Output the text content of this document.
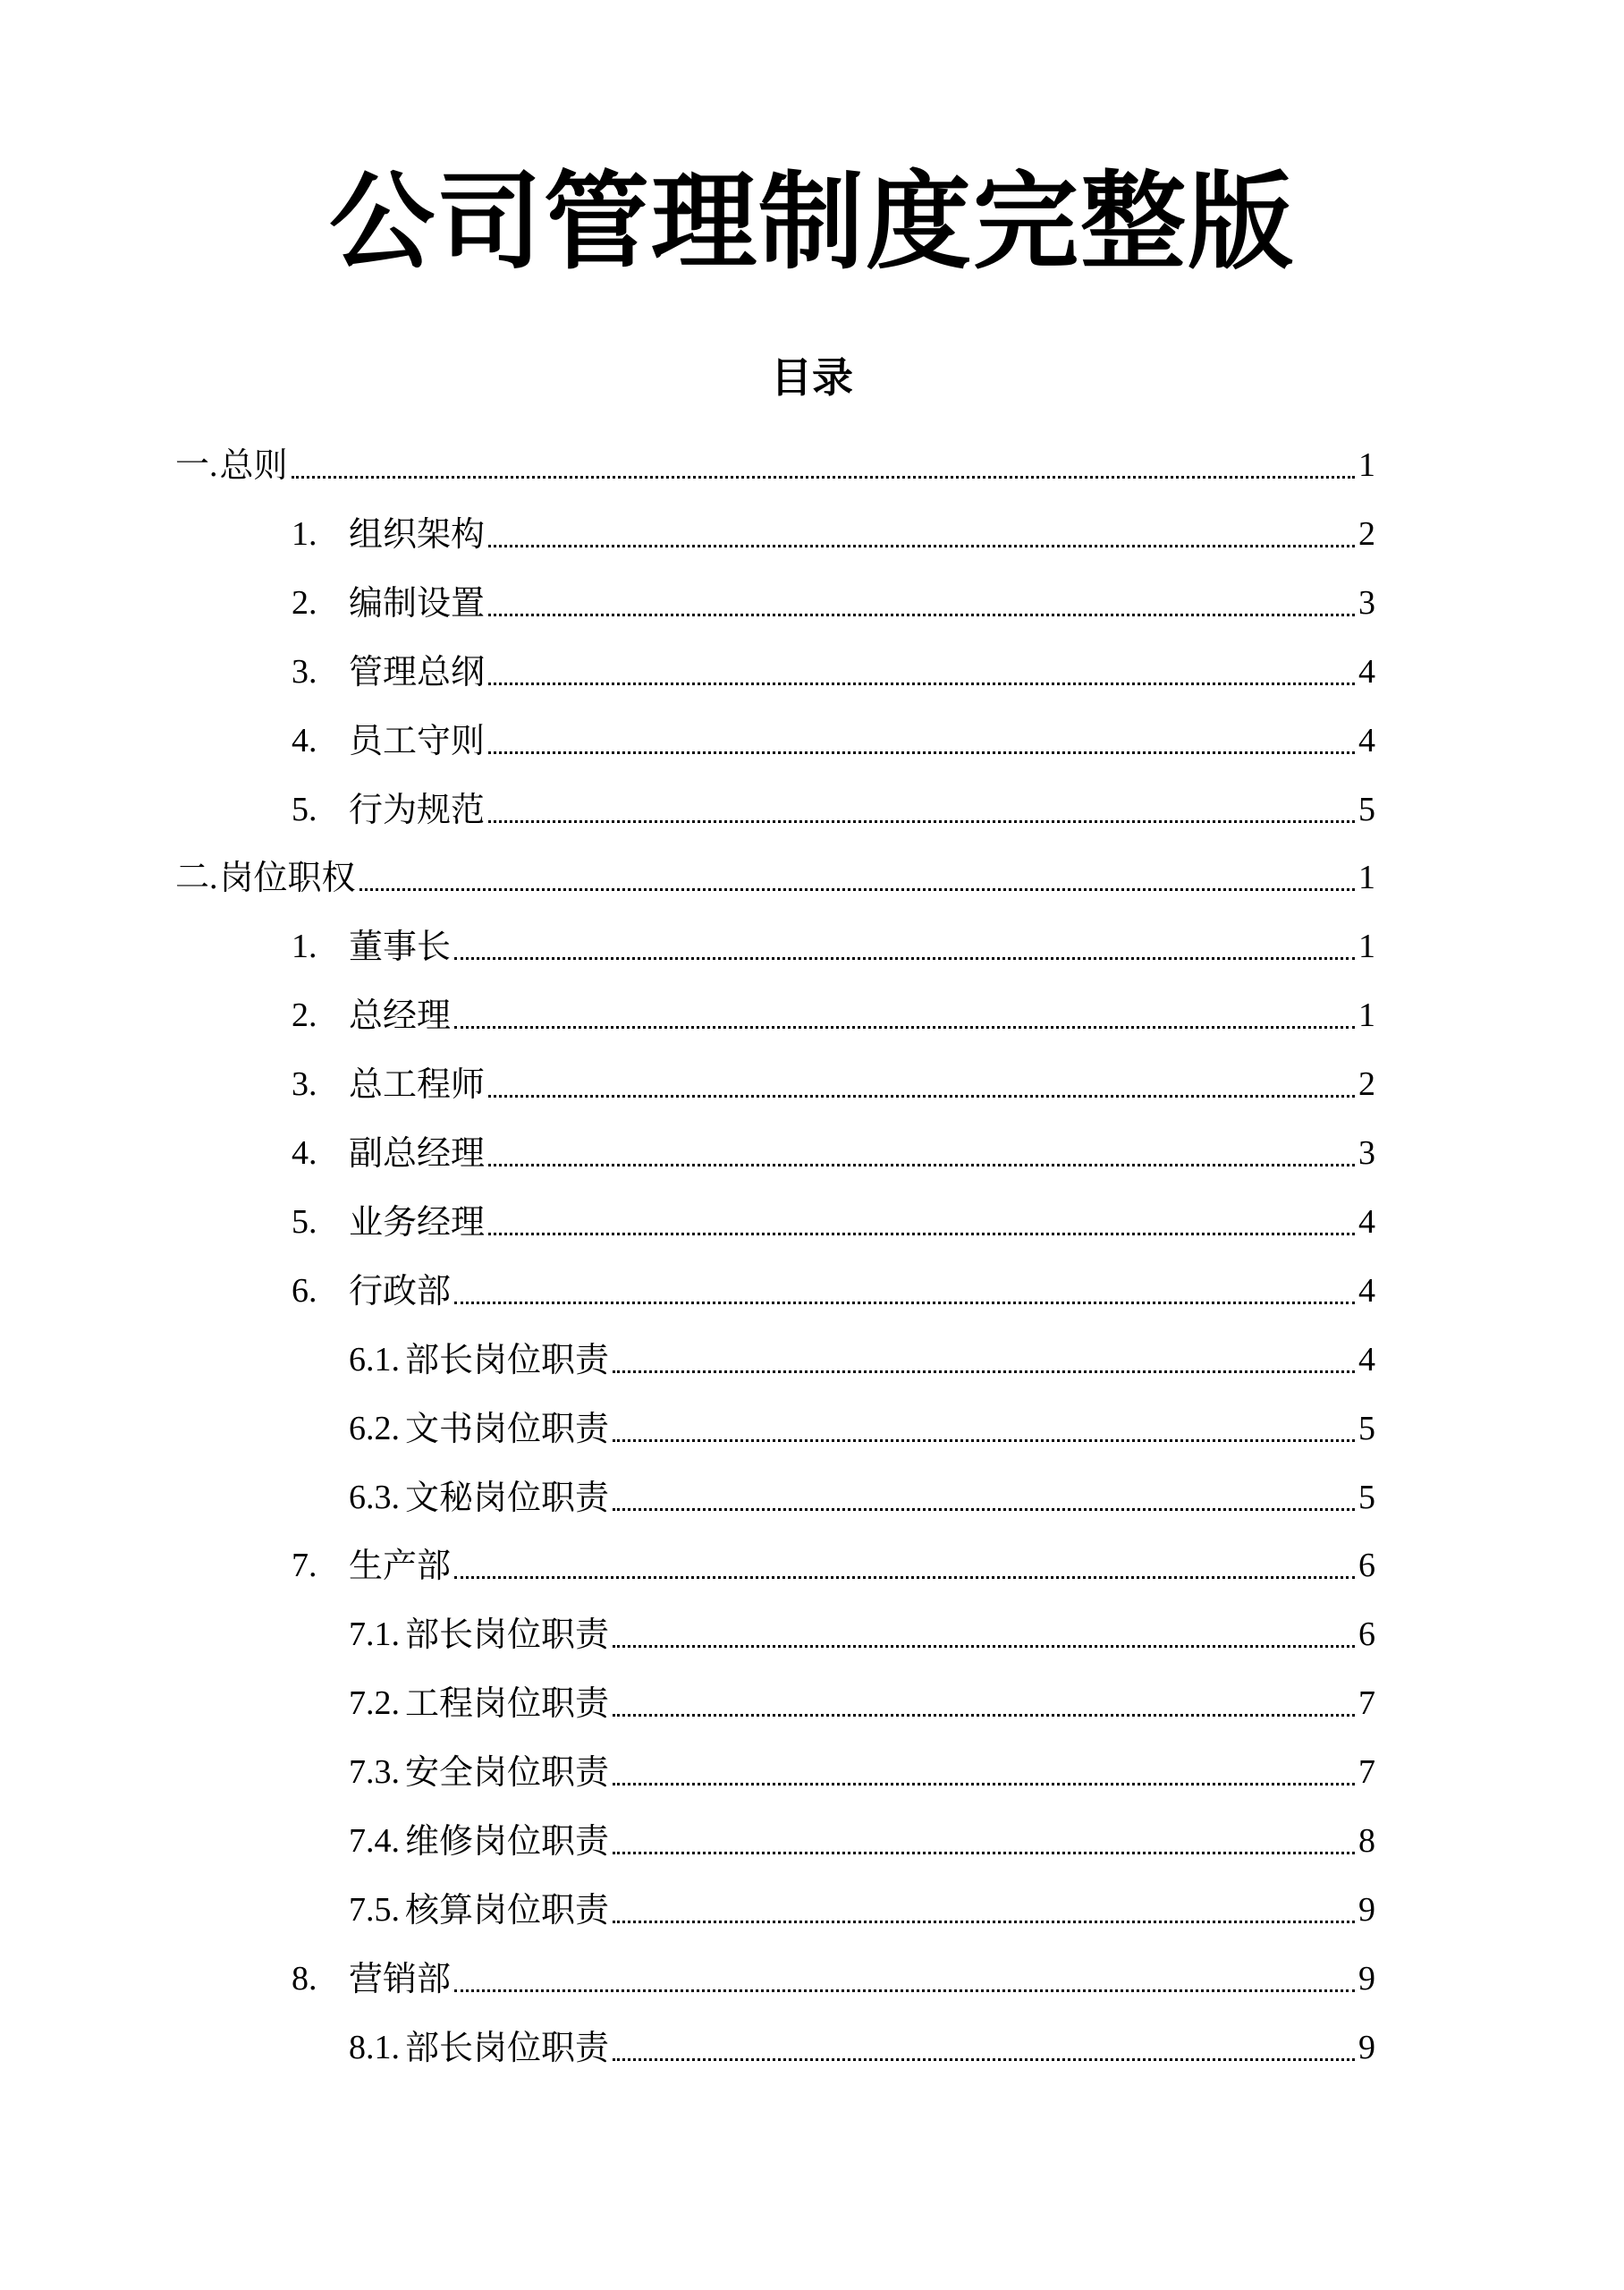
公司管理制度完整版
目录
一. 总则	1
1. 组织架构	2
2. 编制设置	3
3. 管理总纲	4
4. 员工守则	4
5. 行为规范	5
二. 岗位职权	1
1. 董事长	1
2. 总经理	1
3. 总工程师	2
4. 副总经理	3
5. 业务经理	4
6. 行政部	4
6.1. 部长岗位职责	4
6.2. 文书岗位职责	5
6.3. 文秘岗位职责	5
7. 生产部	6
7.1. 部长岗位职责	6
7.2. 工程岗位职责	7
7.3. 安全岗位职责	7
7.4. 维修岗位职责	8
7.5. 核算岗位职责	9
8. 营销部	9
8.1. 部长岗位职责	9
